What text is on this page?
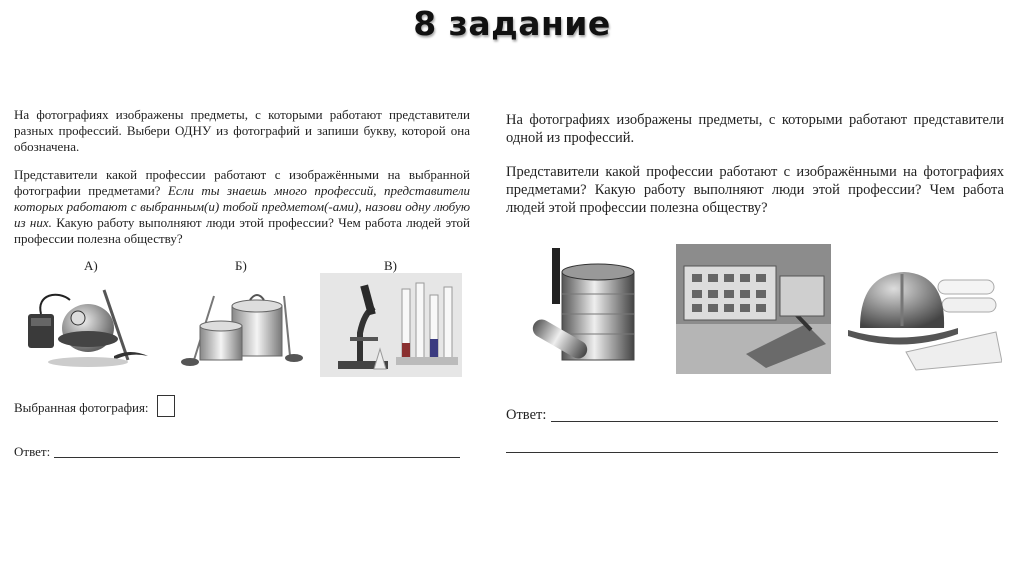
8 задание

На фотографиях изображены предметы, с которыми работают представители разных профессий. Выбери ОДНУ из фотографий и запиши букву, которой она обозначена.

Представители какой профессии работают с изображёнными на выбранной фотографии предметами? Если ты знаешь много профессий, представители которых работают с выбранным(и) тобой предметом(-ами), назови одну любую из них. Какую работу выполняют люди этой профессии? Чем работа людей этой профессии полезна обществу?

А)	Б)	В)
Выбранная фотография:
Ответ:

На фотографиях изображены предметы, с которыми работают представители одной из профессий.

Представители какой профессии работают с изображёнными на фотографиях предметами? Какую работу выполняют люди этой профессии? Чем работа людей этой профессии полезна обществу?

Ответ:
